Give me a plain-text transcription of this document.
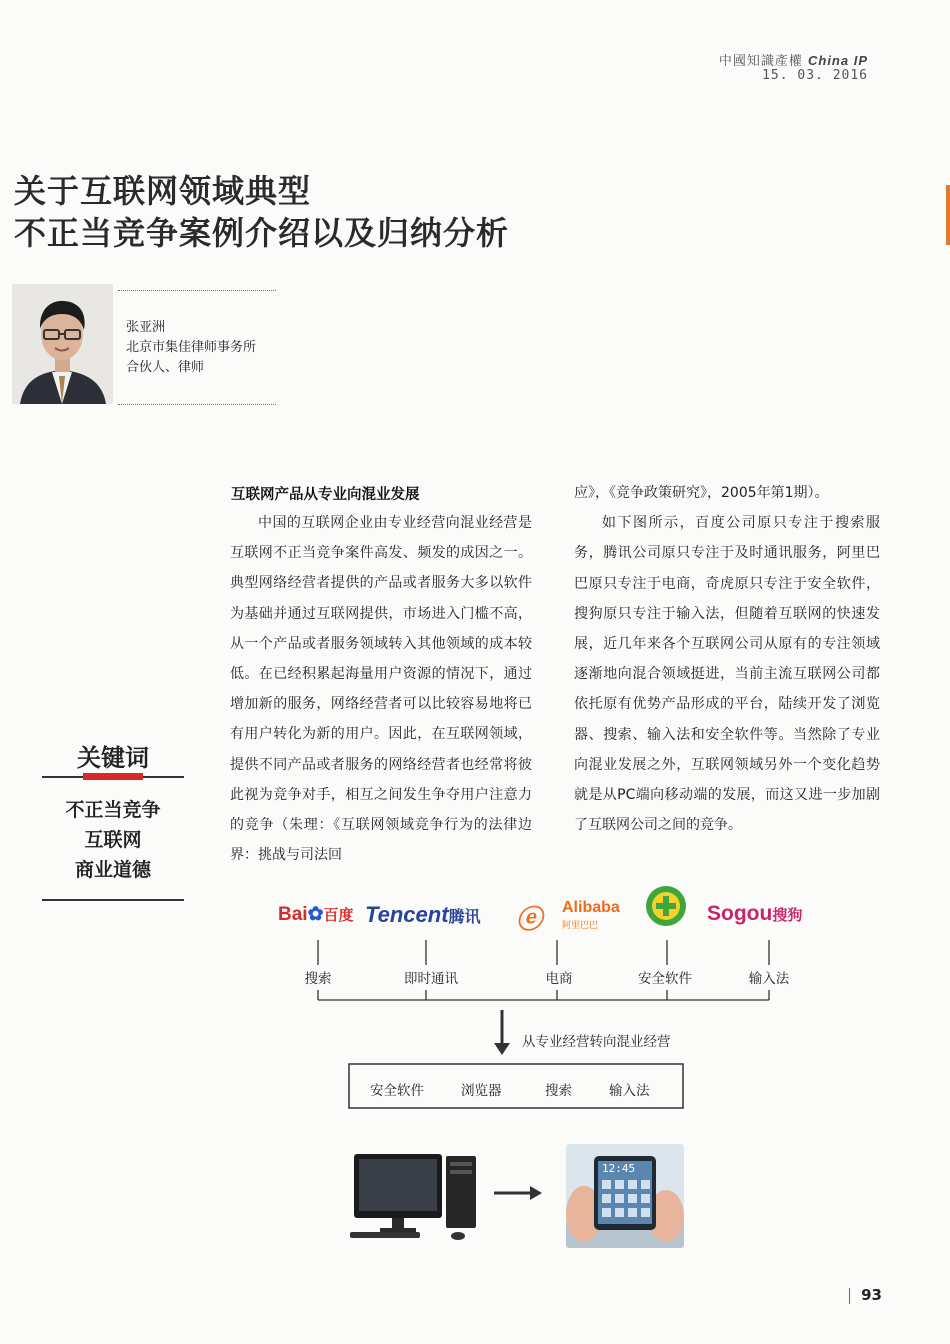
中國知識產權 China IP
15. 03. 2016
关于互联网领域典型
不正当竞争案例介绍以及归纳分析
张亚洲
北京市集佳律师事务所
合伙人、律师
关键词
不正当竞争
互联网
商业道德
互联网产品从专业向混业发展
中国的互联网企业由专业经营向混业经营是互联网不正当竞争案件高发、频发的成因之一。典型网络经营者提供的产品或者服务大多以软件为基础并通过互联网提供，市场进入门槛不高，从一个产品或者服务领域转入其他领域的成本较低。在已经积累起海量用户资源的情况下，通过增加新的服务，网络经营者可以比较容易地将已有用户转化为新的用户。因此，在互联网领域，提供不同产品或者服务的网络经营者也经常将彼此视为竞争对手，相互之间发生争夺用户注意力的竞争（朱理：《互联网领域竞争行为的法律边界：挑战与司法回

应》，《竞争政策研究》，2005年第1期）。

如下图所示，百度公司原只专注于搜索服务，腾讯公司原只专注于及时通讯服务，阿里巴巴原只专注于电商，奇虎原只专注于安全软件，搜狗原只专注于输入法，但随着互联网的快速发展，近几年来各个互联网公司从原有的专注领域逐渐地向混合领域挺进，当前主流互联网公司都依托原有优势产品形成的平台，陆续开发了浏览器、搜索、输入法和安全软件等。当然除了专业向混业发展之外，互联网领域另外一个变化趋势就是从PC端向移动端的发展，而这又进一步加剧了互联网公司之间的竞争。

Bai✿百度 Tencent腾讯 ⓔ Alibaba
阿里巴巴
Sogou搜狗
搜索	即时通讯	电商	安全软件	输入法
从专业经营转向混业经营
安全软件	浏览器	搜索	输入法
12:45
93
